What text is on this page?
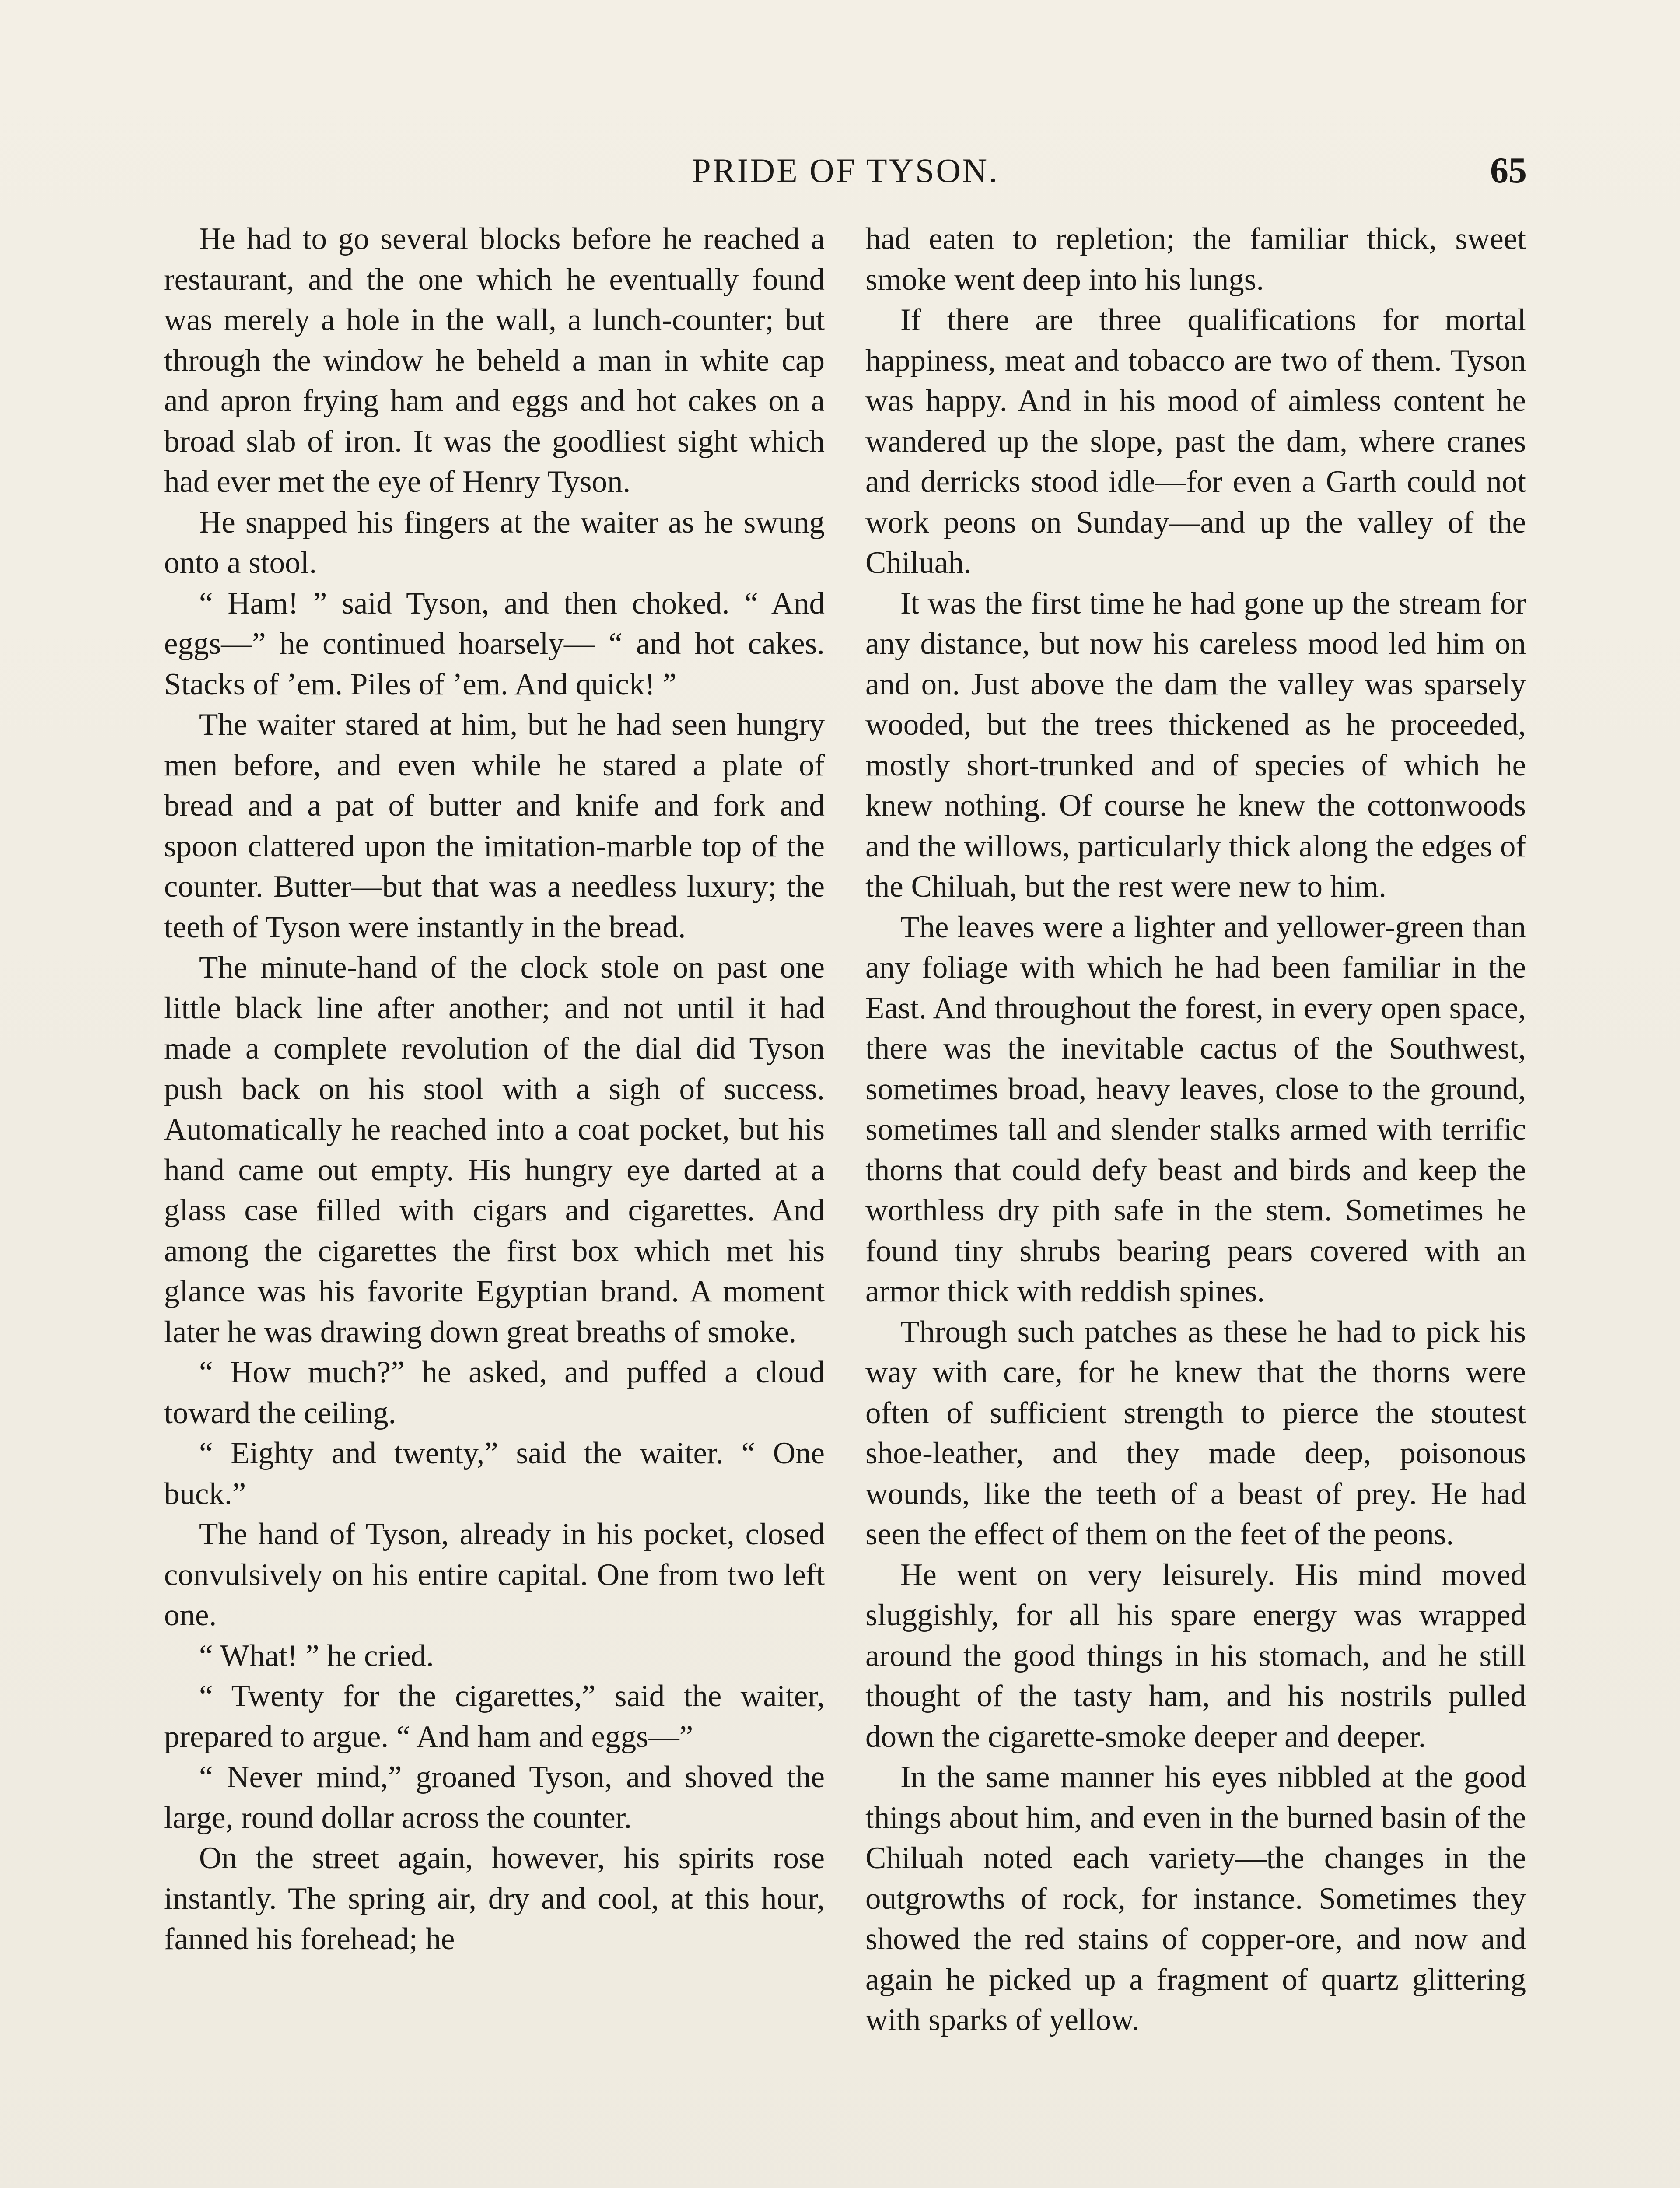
PRIDE OF TYSON.	65

He had to go several blocks before he reached a restaurant, and the one which he eventually found was merely a hole in the wall, a lunch-counter; but through the window he beheld a man in white cap and apron frying ham and eggs and hot cakes on a broad slab of iron. It was the goodliest sight which had ever met the eye of Henry Tyson.

He snapped his fingers at the waiter as he swung onto a stool.

“ Ham! ” said Tyson, and then choked. “ And eggs—” he continued hoarsely— “ and hot cakes. Stacks of ’em. Piles of ’em. And quick! ”

The waiter stared at him, but he had seen hungry men before, and even while he stared a plate of bread and a pat of butter and knife and fork and spoon clattered upon the imitation-marble top of the counter. Butter—but that was a needless luxury; the teeth of Tyson were instantly in the bread.

The minute-hand of the clock stole on past one little black line after another; and not until it had made a complete revolution of the dial did Tyson push back on his stool with a sigh of success. Automatically he reached into a coat pocket, but his hand came out empty. His hungry eye darted at a glass case filled with cigars and cigarettes. And among the cigarettes the first box which met his glance was his favorite Egyptian brand. A moment later he was drawing down great breaths of smoke.

“ How much?” he asked, and puffed a cloud toward the ceiling.

“ Eighty and twenty,” said the waiter. “ One buck.”

The hand of Tyson, already in his pocket, closed convulsively on his entire capital. One from two left one.

“ What! ” he cried.

“ Twenty for the cigarettes,” said the waiter, prepared to argue. “ And ham and eggs—”

“ Never mind,” groaned Tyson, and shoved the large, round dollar across the counter.

On the street again, however, his spirits rose instantly. The spring air, dry and cool, at this hour, fanned his forehead; he

had eaten to repletion; the familiar thick, sweet smoke went deep into his lungs.

If there are three qualifications for mortal happiness, meat and tobacco are two of them. Tyson was happy. And in his mood of aimless content he wandered up the slope, past the dam, where cranes and derricks stood idle—for even a Garth could not work peons on Sunday—and up the valley of the Chiluah.

It was the first time he had gone up the stream for any distance, but now his careless mood led him on and on. Just above the dam the valley was sparsely wooded, but the trees thickened as he proceeded, mostly short-trunked and of species of which he knew nothing. Of course he knew the cottonwoods and the willows, particularly thick along the edges of the Chiluah, but the rest were new to him.

The leaves were a lighter and yellower-green than any foliage with which he had been familiar in the East. And throughout the forest, in every open space, there was the inevitable cactus of the Southwest, sometimes broad, heavy leaves, close to the ground, sometimes tall and slender stalks armed with terrific thorns that could defy beast and birds and keep the worthless dry pith safe in the stem. Sometimes he found tiny shrubs bearing pears covered with an armor thick with reddish spines.

Through such patches as these he had to pick his way with care, for he knew that the thorns were often of sufficient strength to pierce the stoutest shoe-leather, and they made deep, poisonous wounds, like the teeth of a beast of prey. He had seen the effect of them on the feet of the peons.

He went on very leisurely. His mind moved sluggishly, for all his spare energy was wrapped around the good things in his stomach, and he still thought of the tasty ham, and his nostrils pulled down the cigarette-smoke deeper and deeper.

In the same manner his eyes nibbled at the good things about him, and even in the burned basin of the Chiluah noted each variety—the changes in the outgrowths of rock, for instance. Sometimes they showed the red stains of copper-ore, and now and again he picked up a fragment of quartz glittering with sparks of yellow.
